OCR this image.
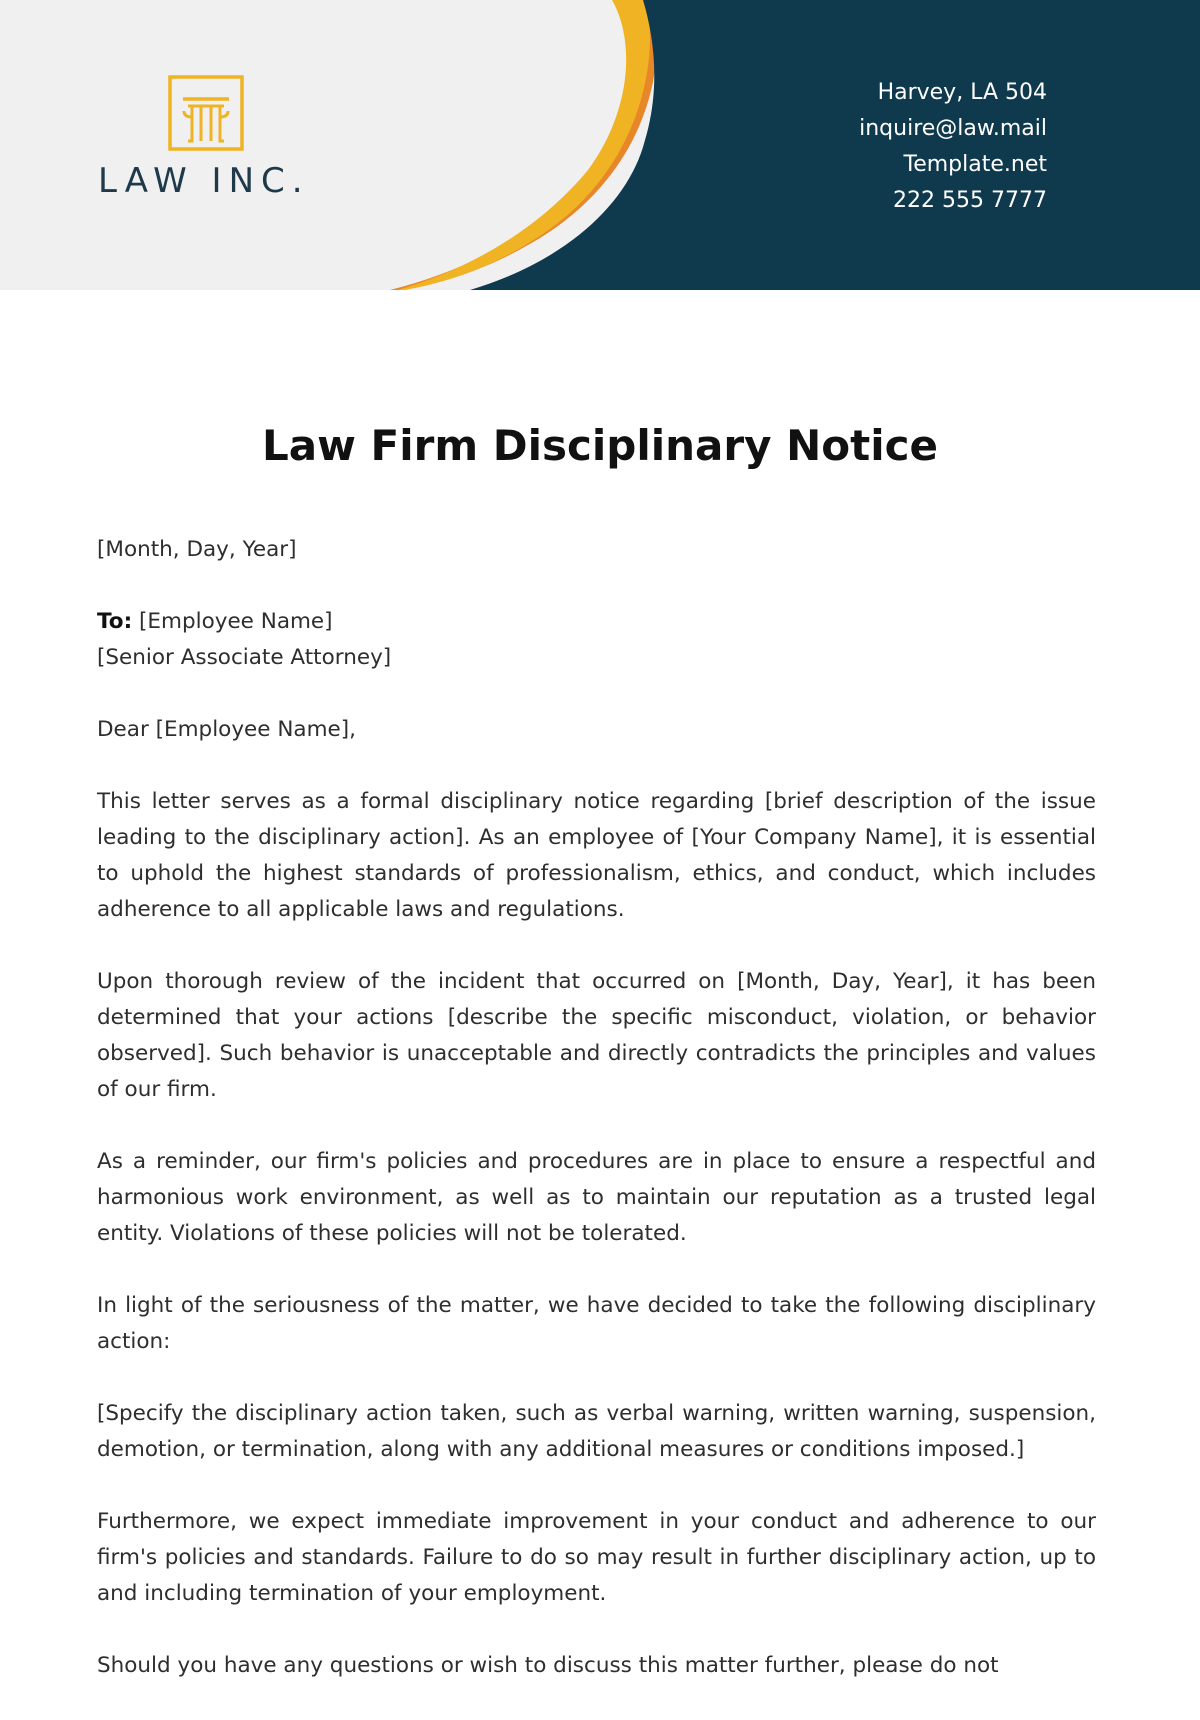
LAW INC.
Harvey, LA 504
inquire@law.mail
Template.net
222 555 7777
Law Firm Disciplinary Notice
[Month, Day, Year]
To: [Employee Name]
[Senior Associate Attorney]
Dear [Employee Name],
This letter serves as a formal disciplinary notice regarding [brief description of the issue leading to the disciplinary action]. As an employee of [Your Company Name], it is essential to uphold the highest standards of professionalism, ethics, and conduct, which includes adherence to all applicable laws and regulations.
Upon thorough review of the incident that occurred on [Month, Day, Year], it has been determined that your actions [describe the specific misconduct, violation, or behavior observed]. Such behavior is unacceptable and directly contradicts the principles and values of our firm.
As a reminder, our firm's policies and procedures are in place to ensure a respectful and harmonious work environment, as well as to maintain our reputation as a trusted legal entity. Violations of these policies will not be tolerated.
In light of the seriousness of the matter, we have decided to take the following disciplinary action:
[Specify the disciplinary action taken, such as verbal warning, written warning, suspension, demotion, or termination, along with any additional measures or conditions imposed.]
Furthermore, we expect immediate improvement in your conduct and adherence to our firm's policies and standards. Failure to do so may result in further disciplinary action, up to and including termination of your employment.
Should you have any questions or wish to discuss this matter further, please do not
